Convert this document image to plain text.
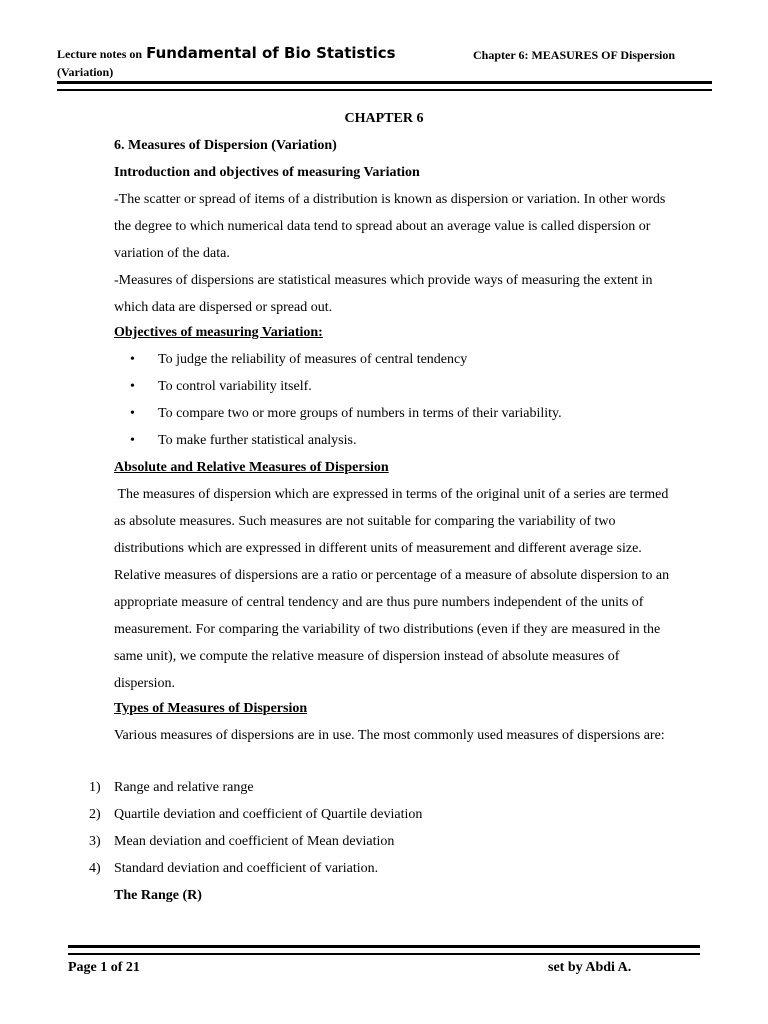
Lecture notes on Fundamental of Bio Statistics
(Variation)
Chapter 6: MEASURES OF Dispersion
CHAPTER 6
6. Measures of Dispersion (Variation)
Introduction and objectives of measuring Variation
-The scatter or spread of items of a distribution is known as dispersion or variation. In other words the degree to which numerical data tend to spread about an average value is called dispersion or variation of the data.
-Measures of dispersions are statistical measures which provide ways of measuring the extent in which data are dispersed or spread out.
Objectives of measuring Variation:
• To judge the reliability of measures of central tendency
• To control variability itself.
• To compare two or more groups of numbers in terms of their variability.
• To make further statistical analysis.
Absolute and Relative Measures of Dispersion
The measures of dispersion which are expressed in terms of the original unit of a series are termed as absolute measures. Such measures are not suitable for comparing the variability of two distributions which are expressed in different units of measurement and different average size. Relative measures of dispersions are a ratio or percentage of a measure of absolute dispersion to an appropriate measure of central tendency and are thus pure numbers independent of the units of measurement. For comparing the variability of two distributions (even if they are measured in the same unit), we compute the relative measure of dispersion instead of absolute measures of dispersion.
Types of Measures of Dispersion
Various measures of dispersions are in use. The most commonly used measures of dispersions are:
1) Range and relative range
2) Quartile deviation and coefficient of Quartile deviation
3) Mean deviation and coefficient of Mean deviation
4) Standard deviation and coefficient of variation.
The Range (R)
Page 1 of 21	set by Abdi A.
